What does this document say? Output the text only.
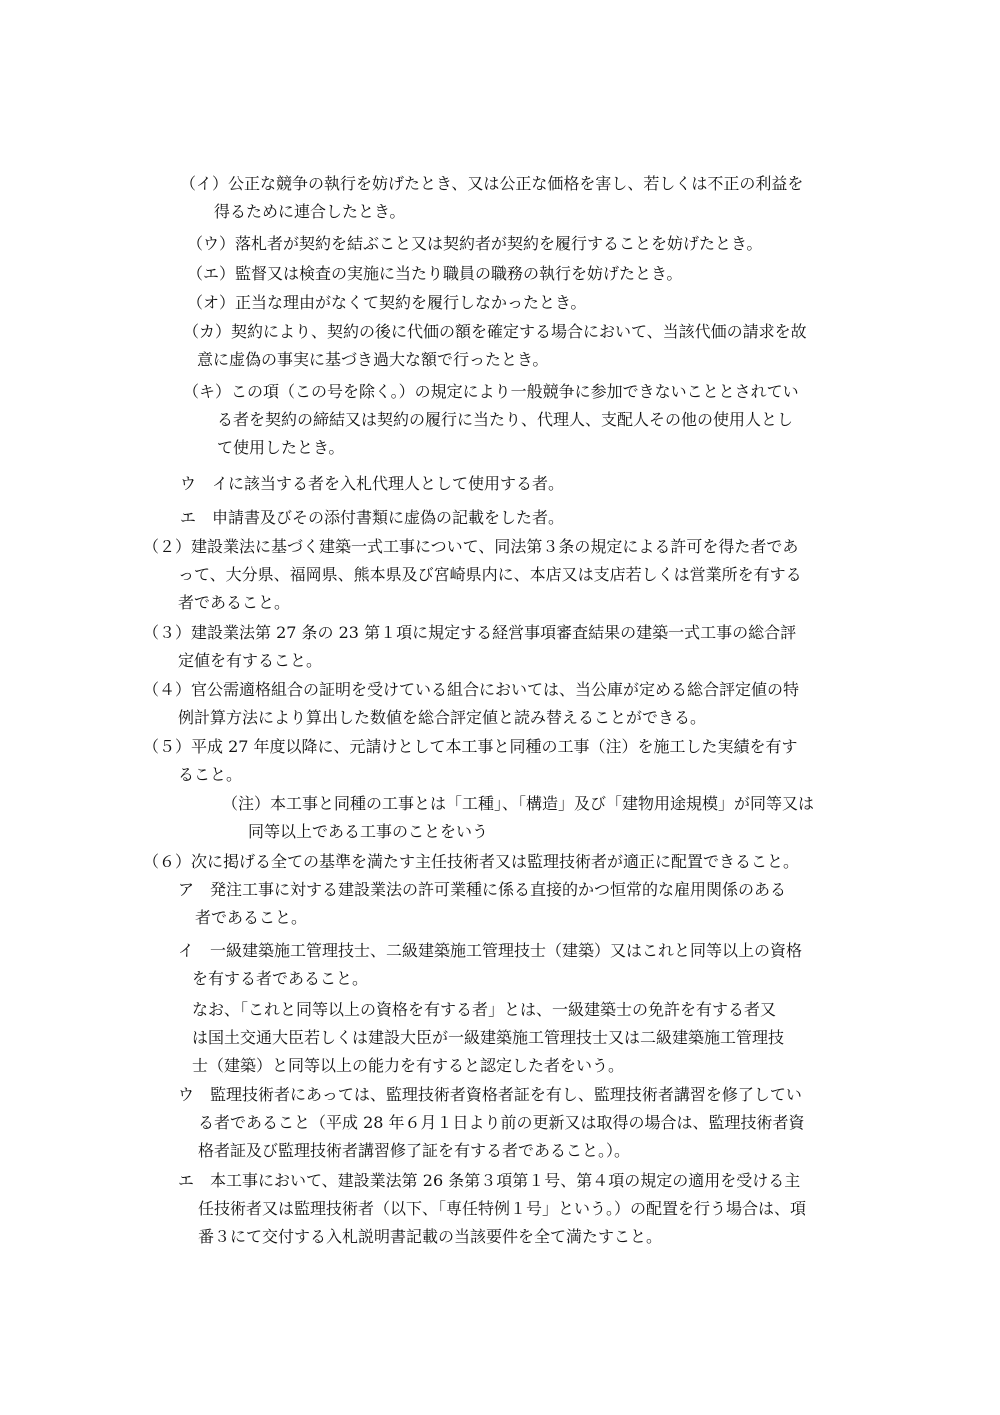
（イ）公正な競争の執行を妨げたとき、又は公正な価格を害し、若しくは不正の利益を
得るために連合したとき。
（ウ）落札者が契約を結ぶこと又は契約者が契約を履行することを妨げたとき。
（エ）監督又は検査の実施に当たり職員の職務の執行を妨げたとき。
（オ）正当な理由がなくて契約を履行しなかったとき。
（カ）契約により、契約の後に代価の額を確定する場合において、当該代価の請求を故
意に虚偽の事実に基づき過大な額で行ったとき。
（キ）この項（この号を除く。）の規定により一般競争に参加できないこととされてい
る者を契約の締結又は契約の履行に当たり、代理人、支配人その他の使用人とし
て使用したとき。
ウ　イに該当する者を入札代理人として使用する者。
エ　申請書及びその添付書類に虚偽の記載をした者。
（２）建設業法に基づく建築一式工事について、同法第３条の規定による許可を得た者であ
って、大分県、福岡県、熊本県及び宮崎県内に、本店又は支店若しくは営業所を有する
者であること。
（３）建設業法第 27 条の 23 第１項に規定する経営事項審査結果の建築一式工事の総合評
定値を有すること。
（４）官公需適格組合の証明を受けている組合においては、当公庫が定める総合評定値の特
例計算方法により算出した数値を総合評定値と読み替えることができる。
（５）平成 27 年度以降に、元請けとして本工事と同種の工事（注）を施工した実績を有す
ること。
（注）本工事と同種の工事とは「工種」、「構造」及び「建物用途規模」が同等又は
同等以上である工事のことをいう
（６）次に掲げる全ての基準を満たす主任技術者又は監理技術者が適正に配置できること。
ア　発注工事に対する建設業法の許可業種に係る直接的かつ恒常的な雇用関係のある
者であること。
イ　一級建築施工管理技士、二級建築施工管理技士（建築）又はこれと同等以上の資格
を有する者であること。
なお、「これと同等以上の資格を有する者」とは、一級建築士の免許を有する者又
は国土交通大臣若しくは建設大臣が一級建築施工管理技士又は二級建築施工管理技
士（建築）と同等以上の能力を有すると認定した者をいう。
ウ　監理技術者にあっては、監理技術者資格者証を有し、監理技術者講習を修了してい
る者であること（平成 28 年６月１日より前の更新又は取得の場合は、監理技術者資
格者証及び監理技術者講習修了証を有する者であること。）。
エ　本工事において、建設業法第 26 条第３項第１号、第４項の規定の適用を受ける主
任技術者又は監理技術者（以下、「専任特例１号」という。）の配置を行う場合は、項
番３にて交付する入札説明書記載の当該要件を全て満たすこと。
